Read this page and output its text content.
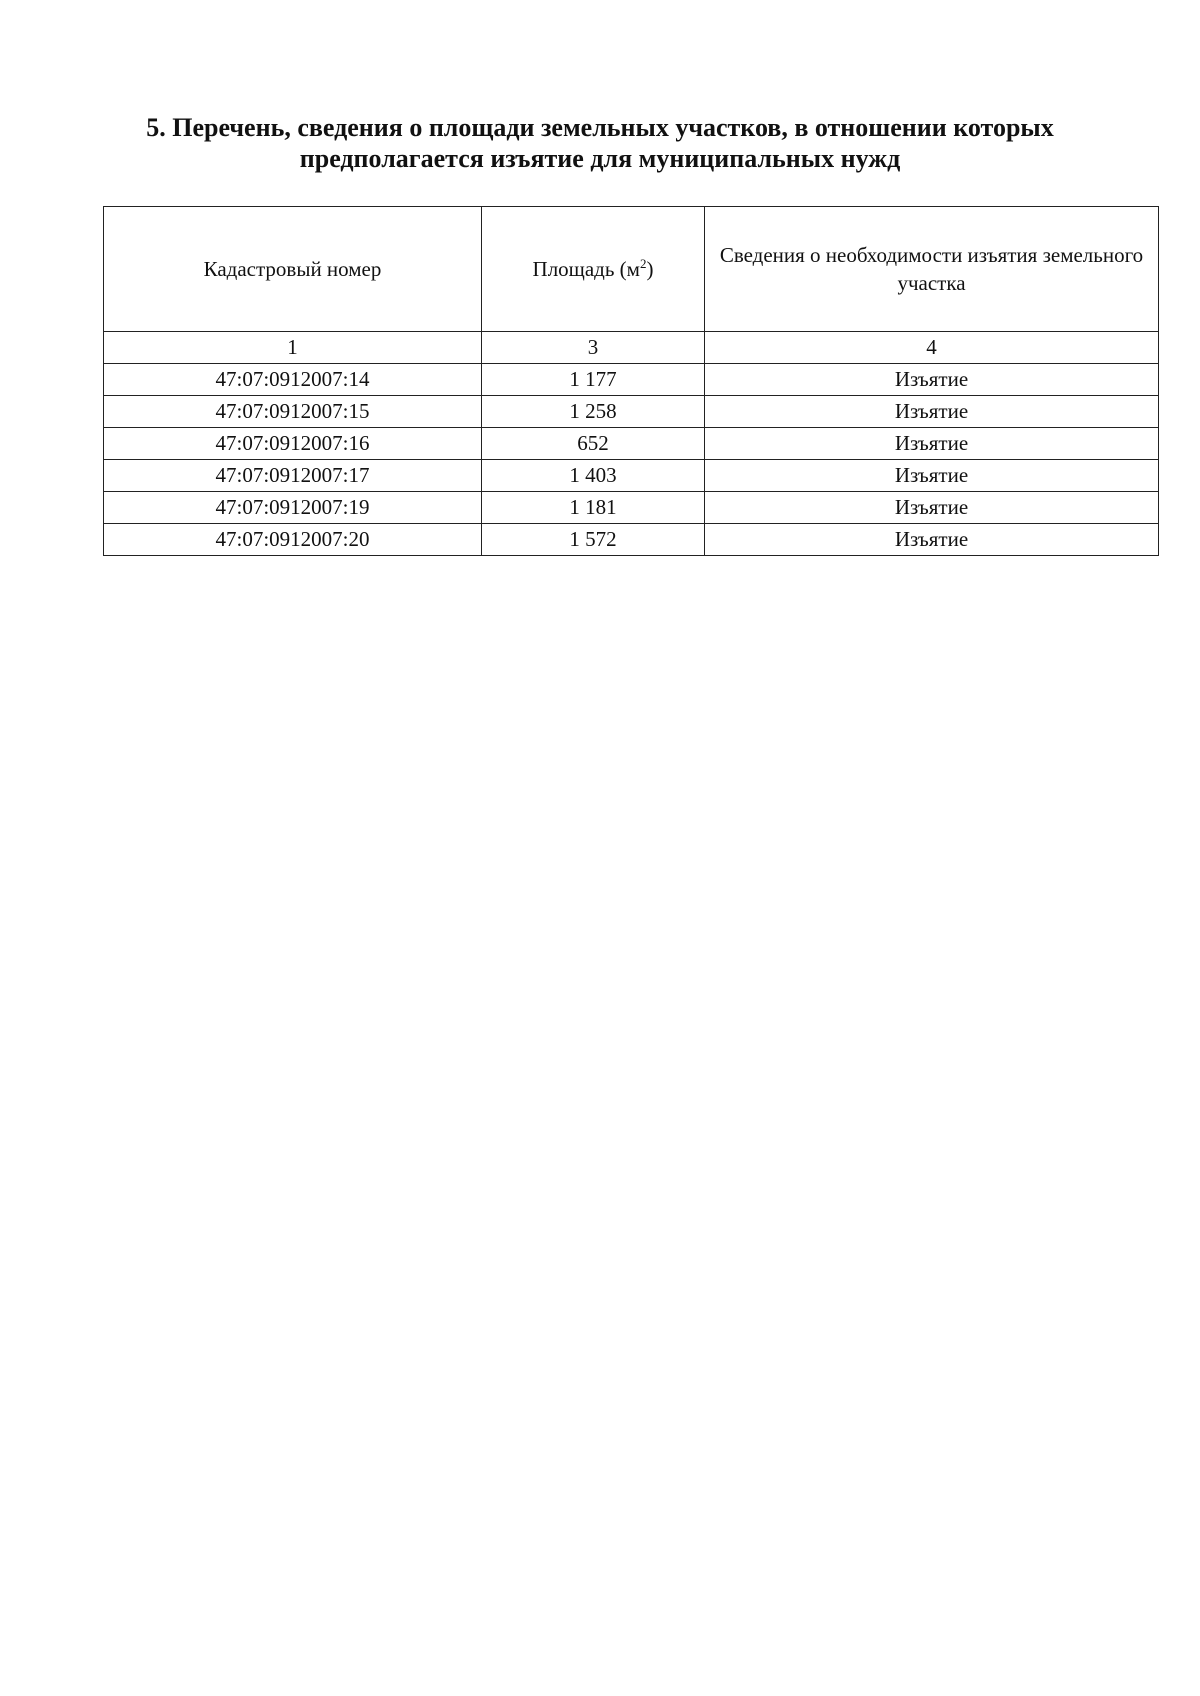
5. Перечень, сведения о площади земельных участков, в отношении которых
предполагается изъятие для муниципальных нужд
Кадастровый номер	Площадь $(м^2)$	Сведения о необходимости изъятия земельного участка
1	3	4
47:07:0912007:14	1 177	Изъятие
47:07:0912007:15	1 258	Изъятие
47:07:0912007:16	652	Изъятие
47:07:0912007:17	1 403	Изъятие
47:07:0912007:19	1 181	Изъятие
47:07:0912007:20	1 572	Изъятие
